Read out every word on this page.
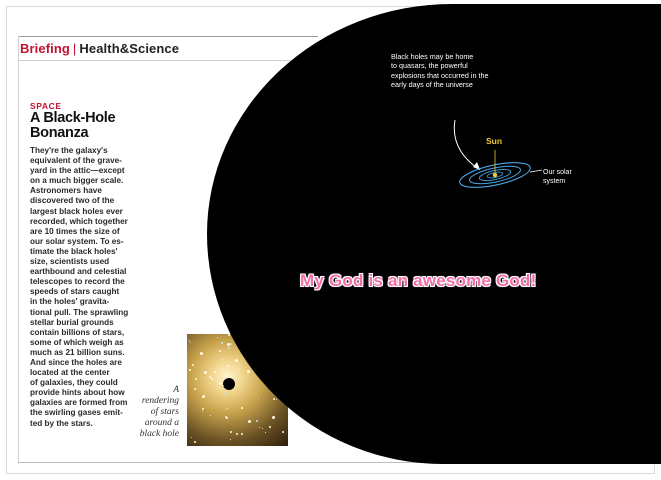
Briefing | Health&Science
SPACE
A Black-Hole Bonanza
They're the galaxy's
equivalent of the grave-
yard in the attic—except
on a much bigger scale.
Astronomers have
discovered two of the
largest black holes ever
recorded, which together
are 10 times the size of
our solar system. To es-
timate the black holes'
size, scientists used
earthbound and celestial
telescopes to record the
speeds of stars caught
in the holes' gravita-
tional pull. The sprawling
stellar burial grounds
contain billions of stars,
some of which weigh as
much as 21 billion suns.
And since the holes are
located at the center
of galaxies, they could
provide hints about how
galaxies are formed from
the swirling gases emit-
ted by the stars.
A
rendering
of stars
around a
black hole
Black holes may be home
to quasars, the powerful
explosions that occurred in the
early days of the universe
Sun
Our solar
system
My God is an awesome God!
